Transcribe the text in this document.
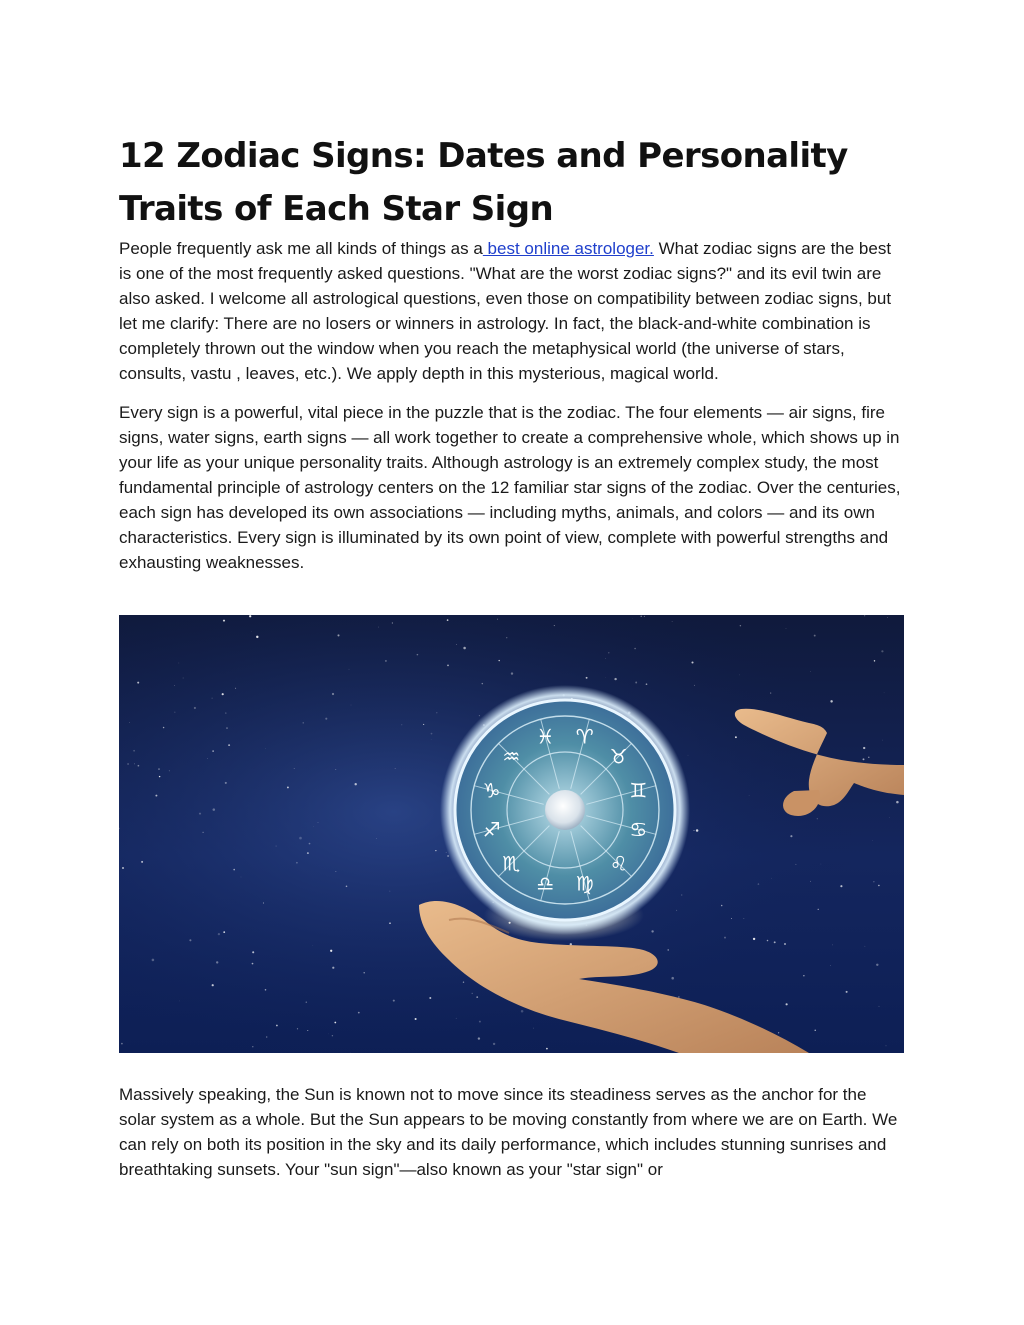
12 Zodiac Signs: Dates and Personality Traits of Each Star Sign

People frequently ask me all kinds of things as a best online astrologer. What zodiac signs are the best is one of the most frequently asked questions. "What are the worst zodiac signs?" and its evil twin are also asked. I welcome all astrological questions, even those on compatibility between zodiac signs, but let me clarify: There are no losers or winners in astrology. In fact, the black-and-white combination is completely thrown out the window when you reach the metaphysical world (the universe of stars, consults, vastu , leaves, etc.). We apply depth in this mysterious, magical world.

Every sign is a powerful, vital piece in the puzzle that is the zodiac. The four elements — air signs, fire signs, water signs, earth signs — all work together to create a comprehensive whole, which shows up in your life as your unique personality traits. Although astrology is an extremely complex study, the most fundamental principle of astrology centers on the 12 familiar star signs of the zodiac. Over the centuries, each sign has developed its own associations — including myths, animals, and colors — and its own characteristics. Every sign is illuminated by its own point of view, complete with powerful strengths and exhausting weaknesses.

♈
♉
♊
♋
♌
♍
♎
♏
♐
♑
♒
♓

Massively speaking, the Sun is known not to move since its steadiness serves as the anchor for the solar system as a whole. But the Sun appears to be moving constantly from where we are on Earth. We can rely on both its position in the sky and its daily performance, which includes stunning sunrises and breathtaking sunsets. Your "sun sign"—also known as your "star sign" or
